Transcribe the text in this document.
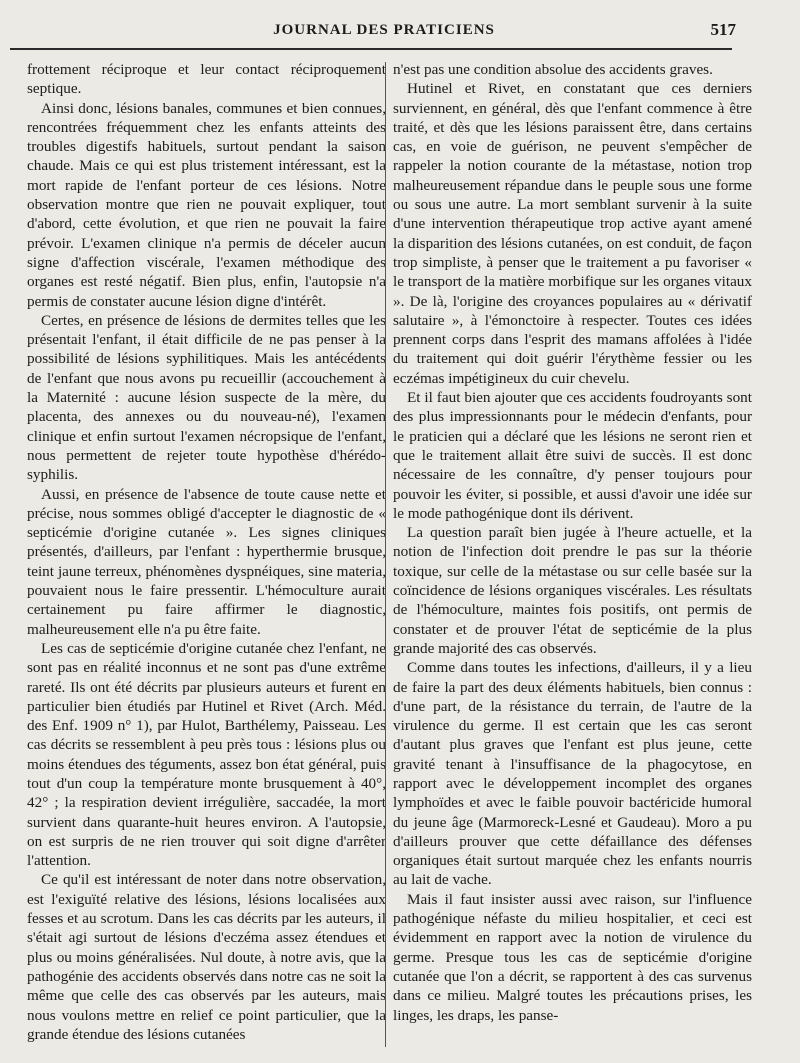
JOURNAL DES PRATICIENS	517

frottement réciproque et leur contact réciproquement septique.

Ainsi donc, lésions banales, communes et bien connues, rencontrées fréquemment chez les enfants atteints des troubles digestifs habituels, surtout pendant la saison chaude. Mais ce qui est plus tristement intéressant, est la mort rapide de l'enfant porteur de ces lésions. Notre observation montre que rien ne pouvait expliquer, tout d'abord, cette évolution, et que rien ne pouvait la faire prévoir. L'examen clinique n'a permis de déceler aucun signe d'affection viscérale, l'examen méthodique des organes est resté négatif. Bien plus, enfin, l'autopsie n'a permis de constater aucune lésion digne d'intérêt.

Certes, en présence de lésions de dermites telles que les présentait l'enfant, il était difficile de ne pas penser à la possibilité de lésions syphilitiques. Mais les antécédents de l'enfant que nous avons pu recueillir (accouchement à la Maternité : aucune lésion suspecte de la mère, du placenta, des annexes ou du nouveau-né), l'examen clinique et enfin surtout l'examen nécropsique de l'enfant, nous permettent de rejeter toute hypothèse d'hérédo-syphilis.

Aussi, en présence de l'absence de toute cause nette et précise, nous sommes obligé d'accepter le diagnostic de « septicémie d'origine cutanée ». Les signes cliniques présentés, d'ailleurs, par l'enfant : hyperthermie brusque, teint jaune terreux, phénomènes dyspnéiques, sine materia, pouvaient nous le faire pressentir. L'hémoculture aurait certainement pu faire affirmer le diagnostic, malheureusement elle n'a pu être faite.

Les cas de septicémie d'origine cutanée chez l'enfant, ne sont pas en réalité inconnus et ne sont pas d'une extrême rareté. Ils ont été décrits par plusieurs auteurs et furent en particulier bien étudiés par Hutinel et Rivet (Arch. Méd. des Enf. 1909 n° 1), par Hulot, Barthélemy, Paisseau. Les cas décrits se ressemblent à peu près tous : lésions plus ou moins étendues des téguments, assez bon état général, puis tout d'un coup la température monte brusquement à 40°, 42° ; la respiration devient irrégulière, saccadée, la mort survient dans quarante-huit heures environ. A l'autopsie, on est surpris de ne rien trouver qui soit digne d'arrêter l'attention.

Ce qu'il est intéressant de noter dans notre observation, est l'exiguïté relative des lésions, lésions localisées aux fesses et au scrotum. Dans les cas décrits par les auteurs, il s'était agi surtout de lésions d'eczéma assez étendues et plus ou moins généralisées. Nul doute, à notre avis, que la pathogénie des accidents observés dans notre cas ne soit la même que celle des cas observés par les auteurs, mais nous voulons mettre en relief ce point particulier, que la grande étendue des lésions cutanées

n'est pas une condition absolue des accidents graves.

Hutinel et Rivet, en constatant que ces derniers surviennent, en général, dès que l'enfant commence à être traité, et dès que les lésions paraissent être, dans certains cas, en voie de guérison, ne peuvent s'empêcher de rappeler la notion courante de la métastase, notion trop malheureusement répandue dans le peuple sous une forme ou sous une autre. La mort semblant survenir à la suite d'une intervention thérapeutique trop active ayant amené la disparition des lésions cutanées, on est conduit, de façon trop simpliste, à penser que le traitement a pu favoriser « le transport de la matière morbifique sur les organes vitaux ». De là, l'origine des croyances populaires au « dérivatif salutaire », à l'émonctoire à respecter. Toutes ces idées prennent corps dans l'esprit des mamans affolées à l'idée du traitement qui doit guérir l'érythème fessier ou les eczémas impétigineux du cuir chevelu.

Et il faut bien ajouter que ces accidents foudroyants sont des plus impressionnants pour le médecin d'enfants, pour le praticien qui a déclaré que les lésions ne seront rien et que le traitement allait être suivi de succès. Il est donc nécessaire de les connaître, d'y penser toujours pour pouvoir les éviter, si possible, et aussi d'avoir une idée sur le mode pathogénique dont ils dérivent.

La question paraît bien jugée à l'heure actuelle, et la notion de l'infection doit prendre le pas sur la théorie toxique, sur celle de la métastase ou sur celle basée sur la coïncidence de lésions organiques viscérales. Les résultats de l'hémoculture, maintes fois positifs, ont permis de constater et de prouver l'état de septicémie de la plus grande majorité des cas observés.

Comme dans toutes les infections, d'ailleurs, il y a lieu de faire la part des deux éléments habituels, bien connus : d'une part, de la résistance du terrain, de l'autre de la virulence du germe. Il est certain que les cas seront d'autant plus graves que l'enfant est plus jeune, cette gravité tenant à l'insuffisance de la phagocytose, en rapport avec le développement incomplet des organes lymphoïdes et avec le faible pouvoir bactéricide humoral du jeune âge (Marmoreck-Lesné et Gaudeau). Moro a pu d'ailleurs prouver que cette défaillance des défenses organiques était surtout marquée chez les enfants nourris au lait de vache.

Mais il faut insister aussi avec raison, sur l'influence pathogénique néfaste du milieu hospitalier, et ceci est évidemment en rapport avec la notion de virulence du germe. Presque tous les cas de septicémie d'origine cutanée que l'on a décrit, se rapportent à des cas survenus dans ce milieu. Malgré toutes les précautions prises, les linges, les draps, les panse-
